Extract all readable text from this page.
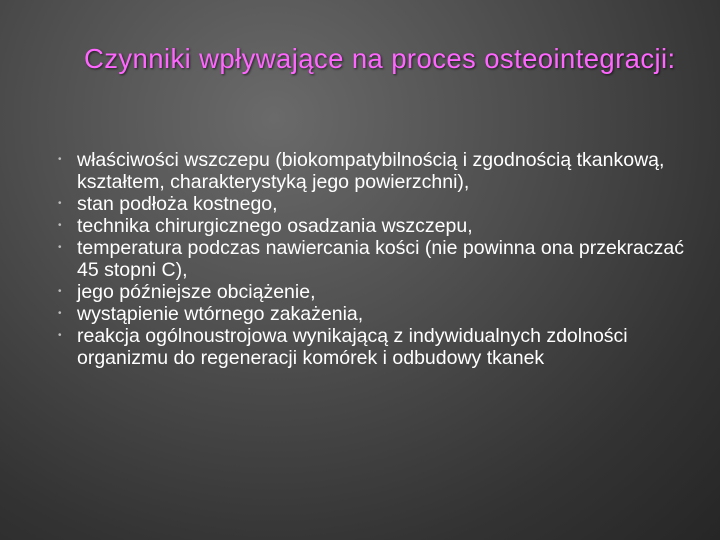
Czynniki wpływające na proces osteointegracji:
• właściwości wszczepu (biokompatybilnością i zgodnością tkankową, kształtem, charakterystyką jego powierzchni),
• stan podłoża kostnego,
• technika chirurgicznego osadzania wszczepu,
• temperatura podczas nawiercania kości (nie powinna ona przekraczać 45 stopni C),
• jego późniejsze obciążenie,
• wystąpienie wtórnego zakażenia,
• reakcja ogólnoustrojowa wynikającą z indywidualnych zdolności organizmu do regeneracji komórek i odbudowy tkanek
